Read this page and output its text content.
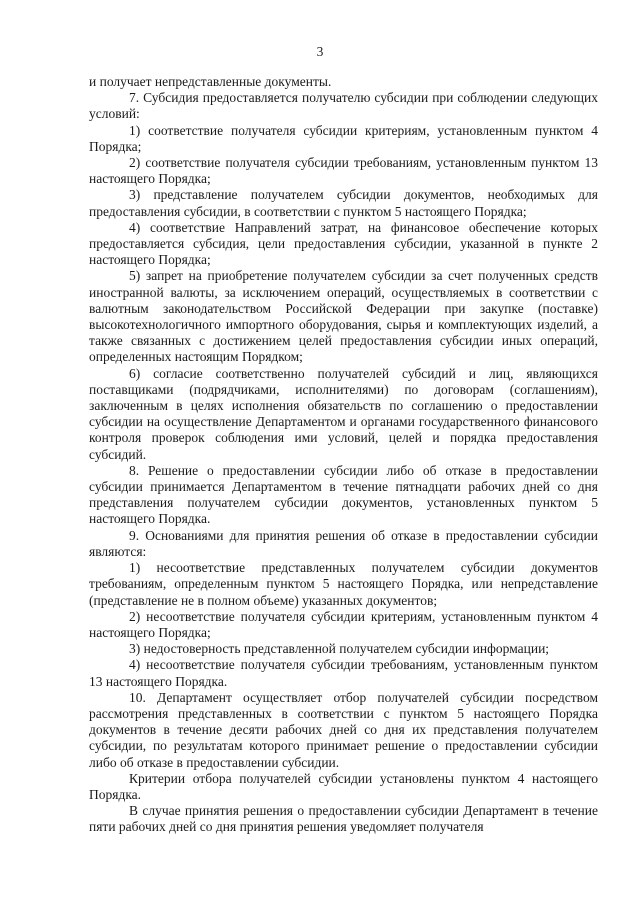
3

и получает непредставленные документы.

7. Субсидия предоставляется получателю субсидии при соблюдении следующих условий:

1) соответствие получателя субсидии критериям, установленным пунктом 4 Порядка;

2) соответствие получателя субсидии требованиям, установленным пунктом 13 настоящего Порядка;

3) представление получателем субсидии документов, необходимых для предоставления субсидии, в соответствии с пунктом 5 настоящего Порядка;

4) соответствие Направлений затрат, на финансовое обеспечение которых предоставляется субсидия, цели предоставления субсидии, указанной в пункте 2 настоящего Порядка;

5) запрет на приобретение получателем субсидии за счет полученных средств иностранной валюты, за исключением операций, осуществляемых в соответствии с валютным законодательством Российской Федерации при закупке (поставке) высокотехнологичного импортного оборудования, сырья и комплектующих изделий, а также связанных с достижением целей предоставления субсидии иных операций, определенных настоящим Порядком;

6) согласие соответственно получателей субсидий и лиц, являющихся поставщиками (подрядчиками, исполнителями) по договорам (соглашениям), заключенным в целях исполнения обязательств по соглашению о предоставлении субсидии на осуществление Департаментом и органами государственного финансового контроля проверок соблюдения ими условий, целей и порядка предоставления субсидий.

8. Решение о предоставлении субсидии либо об отказе в предоставлении субсидии принимается Департаментом в течение пятнадцати рабочих дней со дня представления получателем субсидии документов, установленных пунктом 5 настоящего Порядка.

9. Основаниями для принятия решения об отказе в предоставлении субсидии являются:

1) несоответствие представленных получателем субсидии документов требованиям, определенным пунктом 5 настоящего Порядка, или непредставление (представление не в полном объеме) указанных документов;

2) несоответствие получателя субсидии критериям, установленным пунктом 4 настоящего Порядка;

3) недостоверность представленной получателем субсидии информации;

4) несоответствие получателя субсидии требованиям, установленным пунктом 13 настоящего Порядка.

10. Департамент осуществляет отбор получателей субсидии посредством рассмотрения представленных в соответствии с пунктом 5 настоящего Порядка документов в течение десяти рабочих дней со дня их представления получателем субсидии, по результатам которого принимает решение о предоставлении субсидии либо об отказе в предоставлении субсидии.

Критерии отбора получателей субсидии установлены пунктом 4 настоящего Порядка.

В случае принятия решения о предоставлении субсидии Департамент в течение пяти рабочих дней со дня принятия решения уведомляет получателя
